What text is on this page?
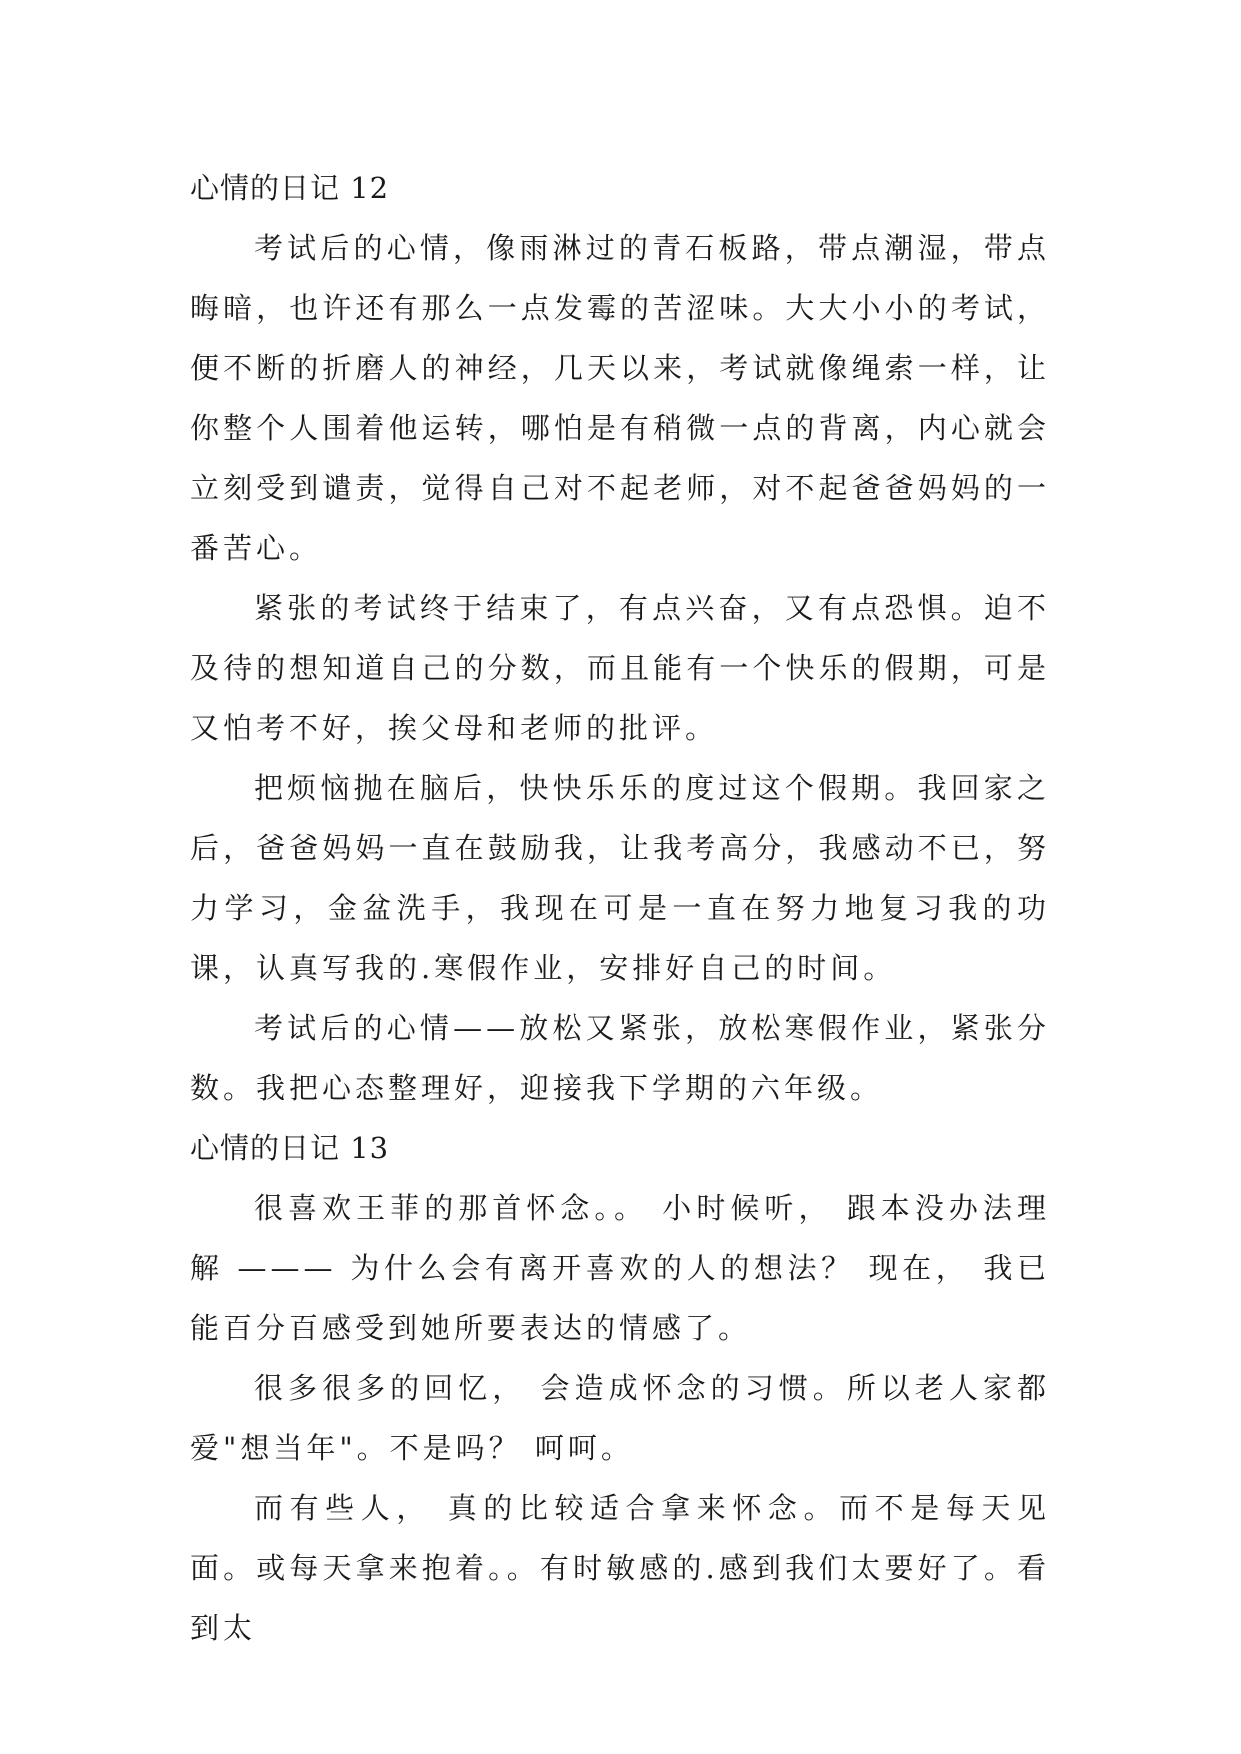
心情的日记 12

考试后的心情，像雨淋过的青石板路，带点潮湿，带点晦暗，也许还有那么一点发霉的苦涩味。大大小小的考试，便不断的折磨人的神经，几天以来，考试就像绳索一样，让你整个人围着他运转，哪怕是有稍微一点的背离，内心就会立刻受到谴责，觉得自己对不起老师，对不起爸爸妈妈的一番苦心。

紧张的考试终于结束了，有点兴奋，又有点恐惧。迫不及待的想知道自己的分数，而且能有一个快乐的假期，可是又怕考不好，挨父母和老师的批评。

把烦恼抛在脑后，快快乐乐的度过这个假期。我回家之后，爸爸妈妈一直在鼓励我，让我考高分，我感动不已，努力学习，金盆洗手，我现在可是一直在努力地复习我的功课，认真写我的.寒假作业，安排好自己的时间。

考试后的心情——放松又紧张，放松寒假作业，紧张分数。我把心态整理好，迎接我下学期的六年级。

心情的日记 13

很喜欢王菲的那首怀念。。 小时候听， 跟本没办法理解 ——— 为什么会有离开喜欢的人的想法？ 现在， 我已能百分百感受到她所要表达的情感了。

很多很多的回忆， 会造成怀念的习惯。所以老人家都爱"想当年"。不是吗？ 呵呵。

而有些人， 真的比较适合拿来怀念。而不是每天见面。或每天拿来抱着。。有时敏感的.感到我们太要好了。看到太
